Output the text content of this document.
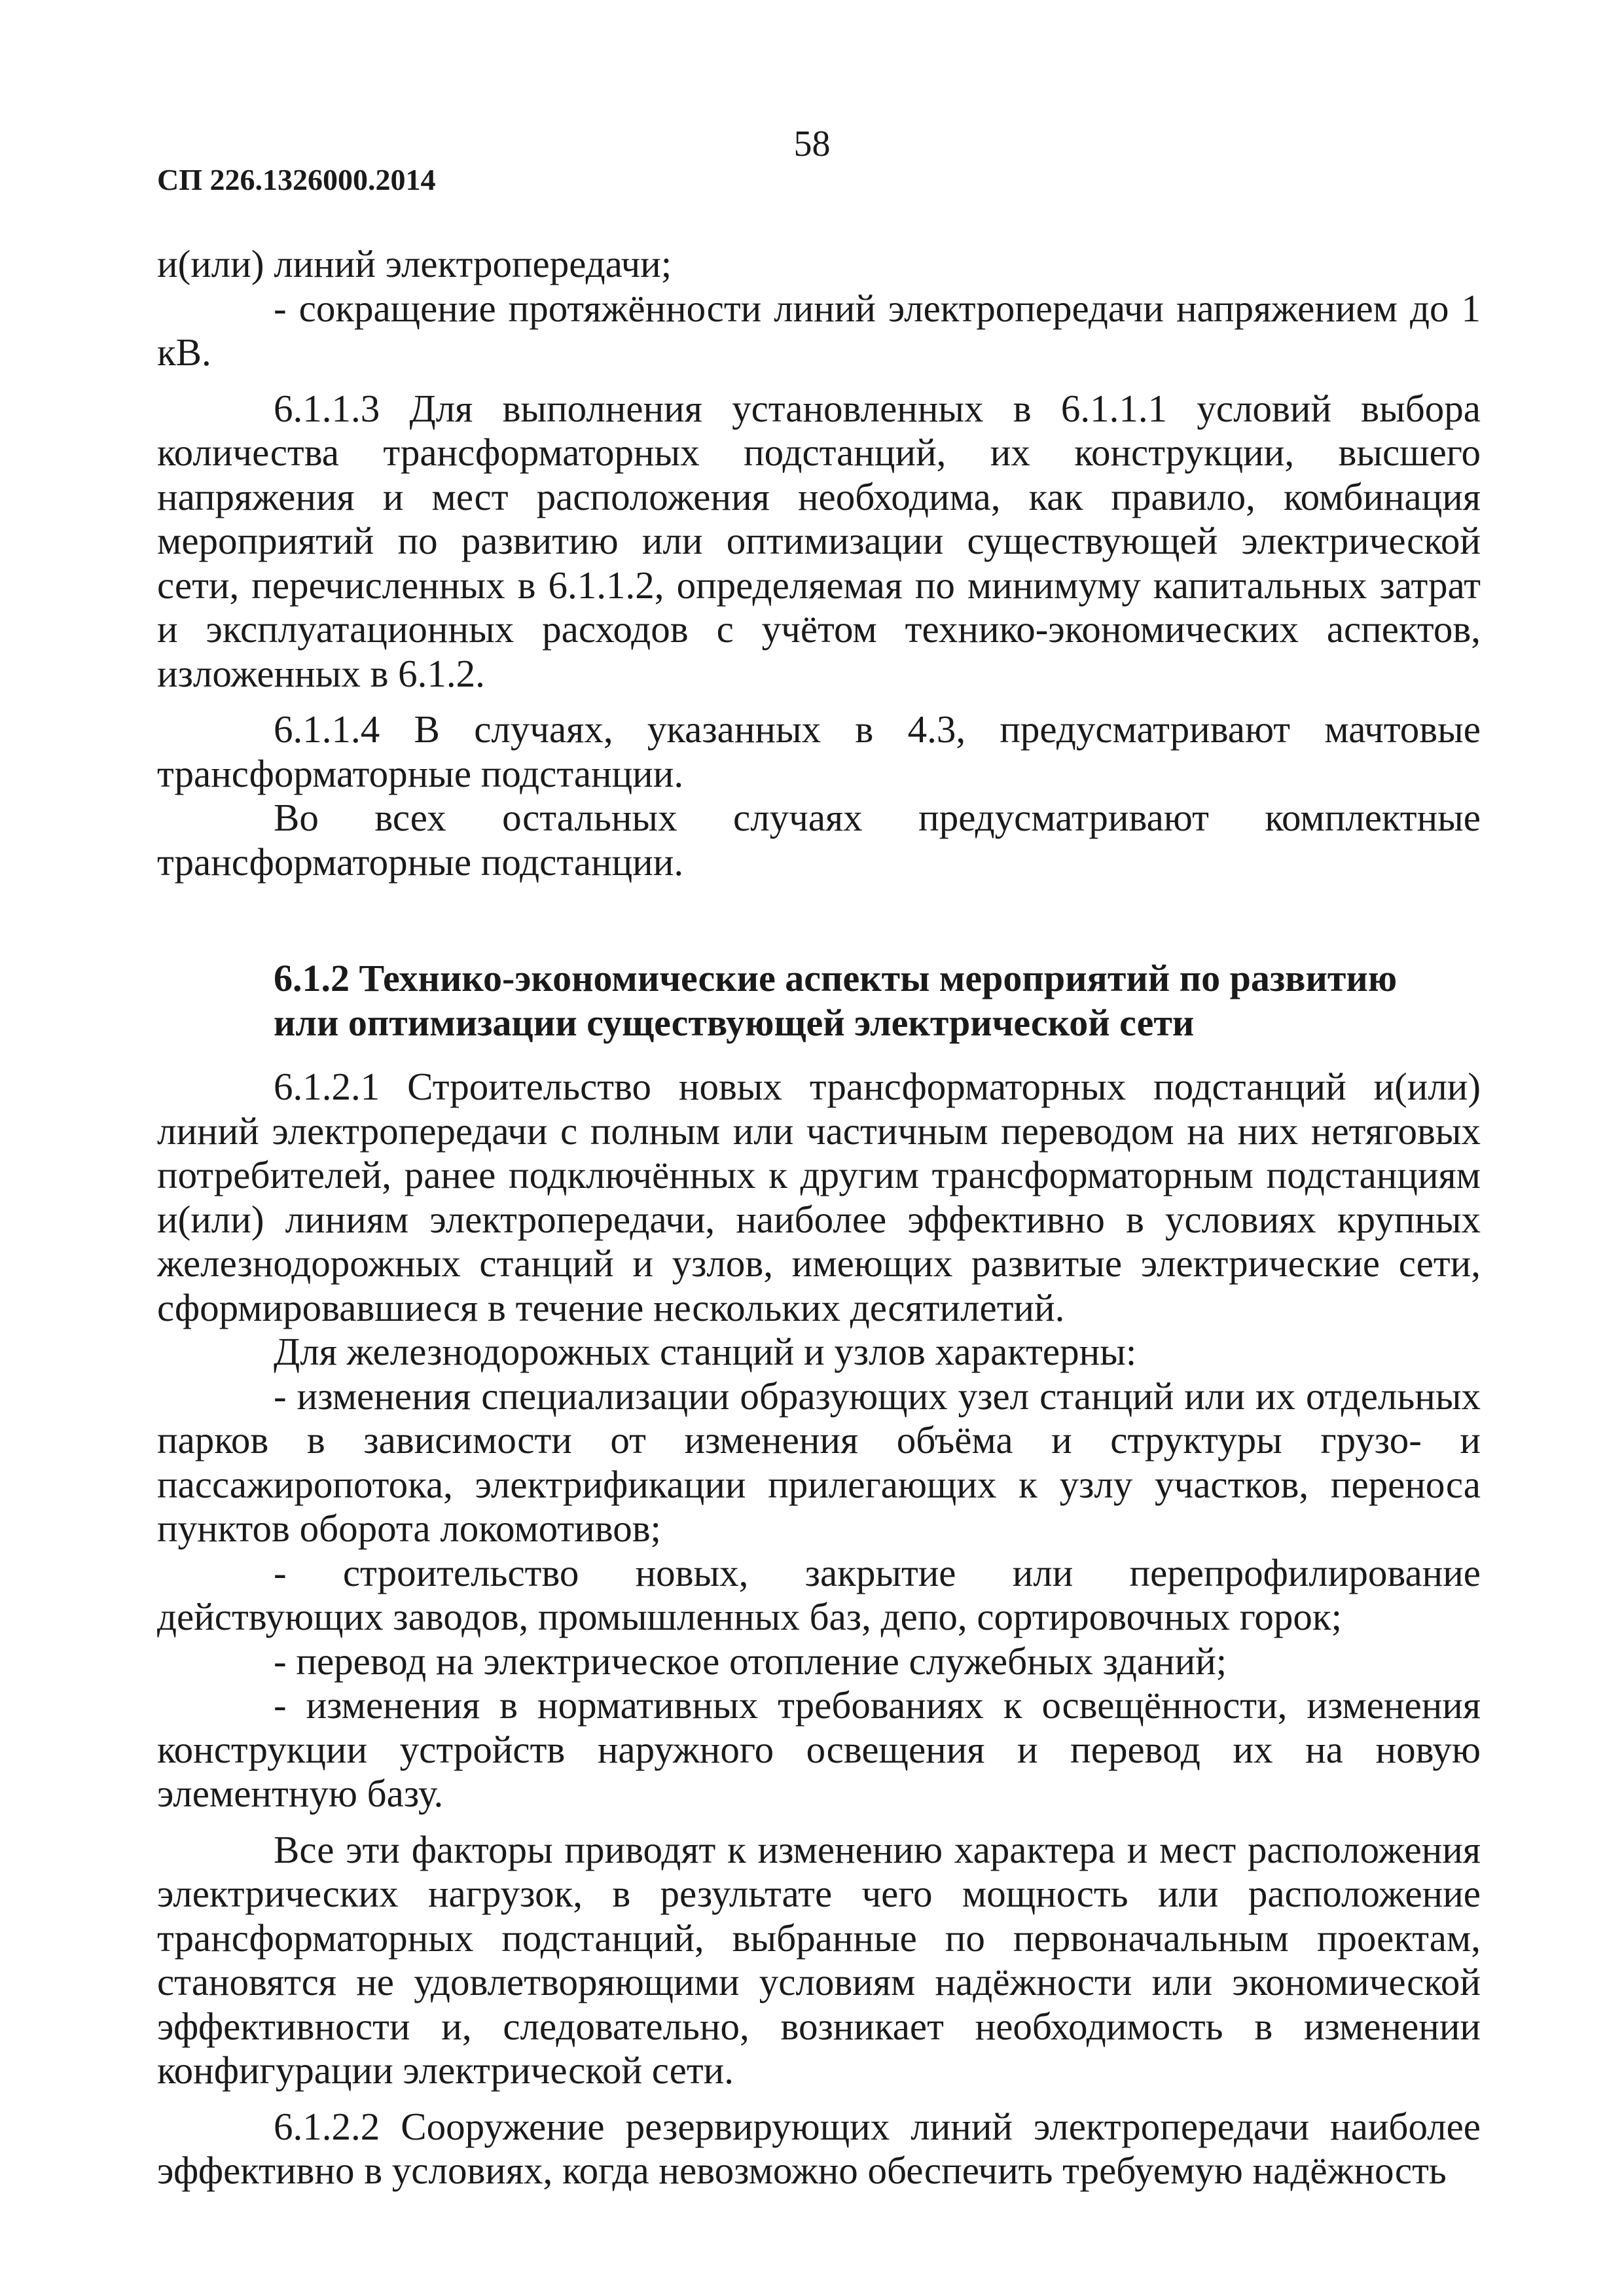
58
СП 226.1326000.2014

и(или) линий электропередачи;

- сокращение протяжённости линий электропередачи напряжением до 1 кВ.

6.1.1.3 Для выполнения установленных в 6.1.1.1 условий выбора количества трансформаторных подстанций, их конструкции, высшего напряжения и мест расположения необходима, как правило, комбинация мероприятий по развитию или оптимизации существующей электрической сети, перечисленных в 6.1.1.2, определяемая по минимуму капитальных затрат и эксплуатационных расходов с учётом технико-экономических аспектов, изложенных в 6.1.2.

6.1.1.4 В случаях, указанных в 4.3, предусматривают мачтовые трансформаторные подстанции.

Во всех остальных случаях предусматривают комплектные трансформаторные подстанции.

6.1.2 Технико-экономические аспекты мероприятий по развитию
или оптимизации существующей электрической сети

6.1.2.1 Строительство новых трансформаторных подстанций и(или) линий электропередачи с полным или частичным переводом на них нетяговых потребителей, ранее подключённых к другим трансформаторным подстанциям и(или) линиям электропередачи, наиболее эффективно в условиях крупных железнодорожных станций и узлов, имеющих развитые электрические сети, сформировавшиеся в течение нескольких десятилетий.

Для железнодорожных станций и узлов характерны:

- изменения специализации образующих узел станций или их отдельных парков в зависимости от изменения объёма и структуры грузо- и пассажиропотока, электрификации прилегающих к узлу участков, переноса пунктов оборота локомотивов;

- строительство новых, закрытие или перепрофилирование действующих заводов, промышленных баз, депо, сортировочных горок;

- перевод на электрическое отопление служебных зданий;

- изменения в нормативных требованиях к освещённости, изменения конструкции устройств наружного освещения и перевод их на новую элементную базу.

Все эти факторы приводят к изменению характера и мест расположения электрических нагрузок, в результате чего мощность или расположение трансформаторных подстанций, выбранные по первоначальным проектам, становятся не удовлетворяющими условиям надёжности или экономической эффективности и, следовательно, возникает необходимость в изменении конфигурации электрической сети.

6.1.2.2 Сооружение резервирующих линий электропередачи наиболее эффективно в условиях, когда невозможно обеспечить требуемую надёжность
